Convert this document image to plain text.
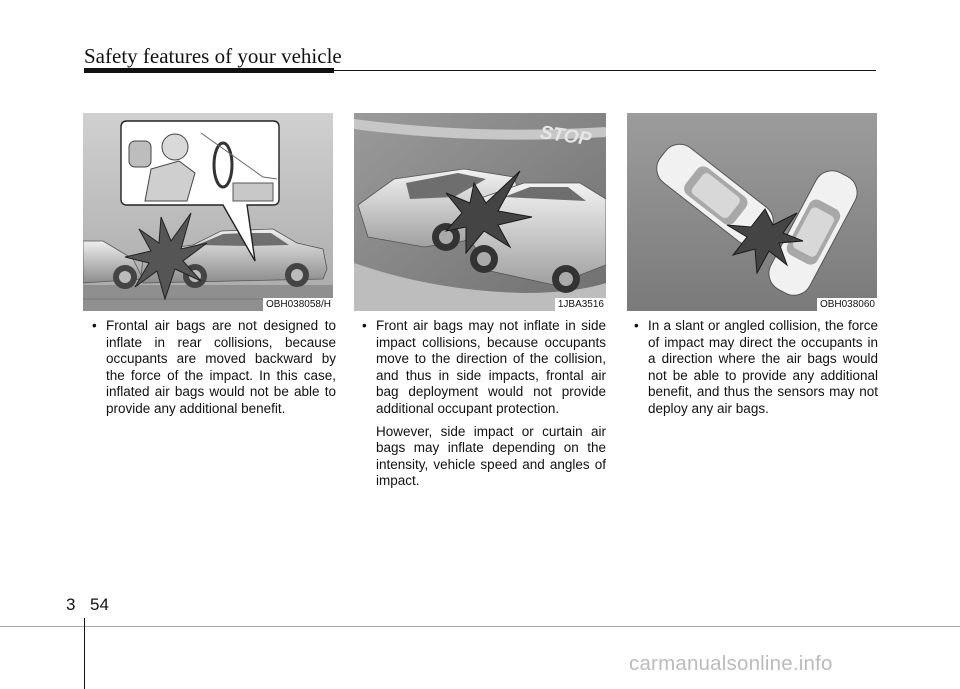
Safety features of your vehicle
OBH038058/H
STOP
1JBA3516	OBH038060

• Frontal air bags are not designed to inflate in rear collisions, because occupants are moved backward by the force of the impact. In this case, inflated air bags would not be able to provide any additional benefit.

• Front air bags may not inflate in side impact collisions, because occupants move to the direction of the collision, and thus in side impacts, frontal air bag deployment would not provide additional occupant protection.

However, side impact or curtain air bags may inflate depending on the intensity, vehicle speed and angles of impact.

• In a slant or angled collision, the force of impact may direct the occupants in a direction where the air bags would not be able to provide any additional benefit, and thus the sensors may not deploy any air bags.

3 54
carmanualsonline.info
